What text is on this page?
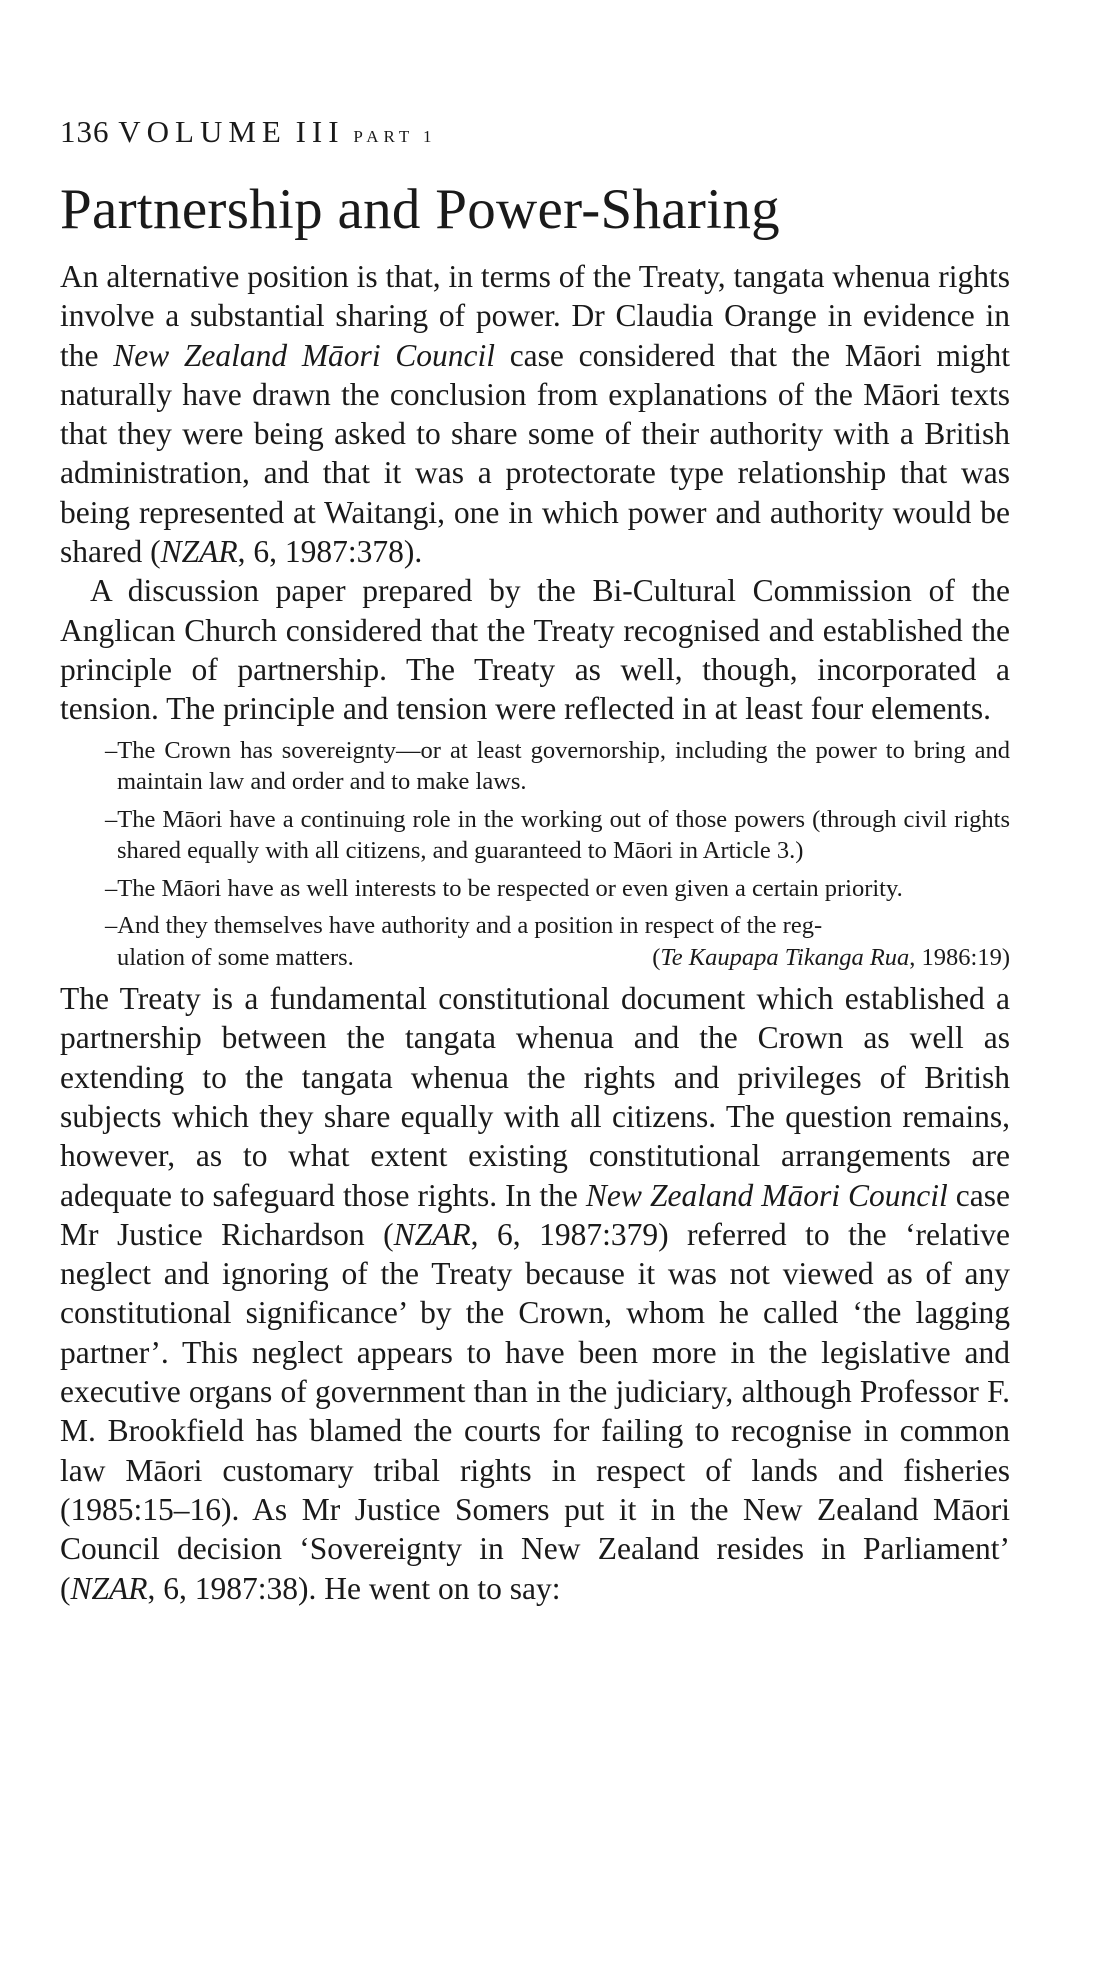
136 VOLUME III PART 1
Partnership and Power-Sharing

An alternative position is that, in terms of the Treaty, tangata whenua rights involve a substantial sharing of power. Dr Claudia Orange in evidence in the New Zealand Māori Council case considered that the Māori might naturally have drawn the conclusion from explanations of the Māori texts that they were being asked to share some of their authority with a British administration, and that it was a protectorate type relationship that was being represented at Waitangi, one in which power and authority would be shared (NZAR, 6, 1987:378).

A discussion paper prepared by the Bi-Cultural Commission of the Anglican Church considered that the Treaty recognised and established the principle of partnership. The Treaty as well, though, incorporated a tension. The principle and tension were reflected in at least four elements.

–The Crown has sovereignty—or at least governorship, including the power to bring and maintain law and order and to make laws.
–The Māori have a continuing role in the working out of those powers (through civil rights shared equally with all citizens, and guaranteed to Māori in Article 3.)
–The Māori have as well interests to be respected or even given a certain priority.
–And they themselves have authority and a position in respect of the reg-
ulation of some matters.	(Te Kaupapa Tikanga Rua, 1986:19)

The Treaty is a fundamental constitutional document which established a partnership between the tangata whenua and the Crown as well as extending to the tangata whenua the rights and privileges of British subjects which they share equally with all citizens. The question remains, however, as to what extent existing constitutional arrangements are adequate to safeguard those rights. In the New Zealand Māori Council case Mr Justice Richardson (NZAR, 6, 1987:379) referred to the ‘relative neglect and ignoring of the Treaty because it was not viewed as of any constitutional significance’ by the Crown, whom he called ‘the lagging partner’. This neglect appears to have been more in the legislative and executive organs of government than in the judiciary, although Professor F. M. Brookfield has blamed the courts for failing to recognise in common law Māori customary tribal rights in respect of lands and fisheries (1985:15–16). As Mr Justice Somers put it in the New Zealand Māori Council decision ‘Sovereignty in New Zealand resides in Parliament’ (NZAR, 6, 1987:38). He went on to say:
